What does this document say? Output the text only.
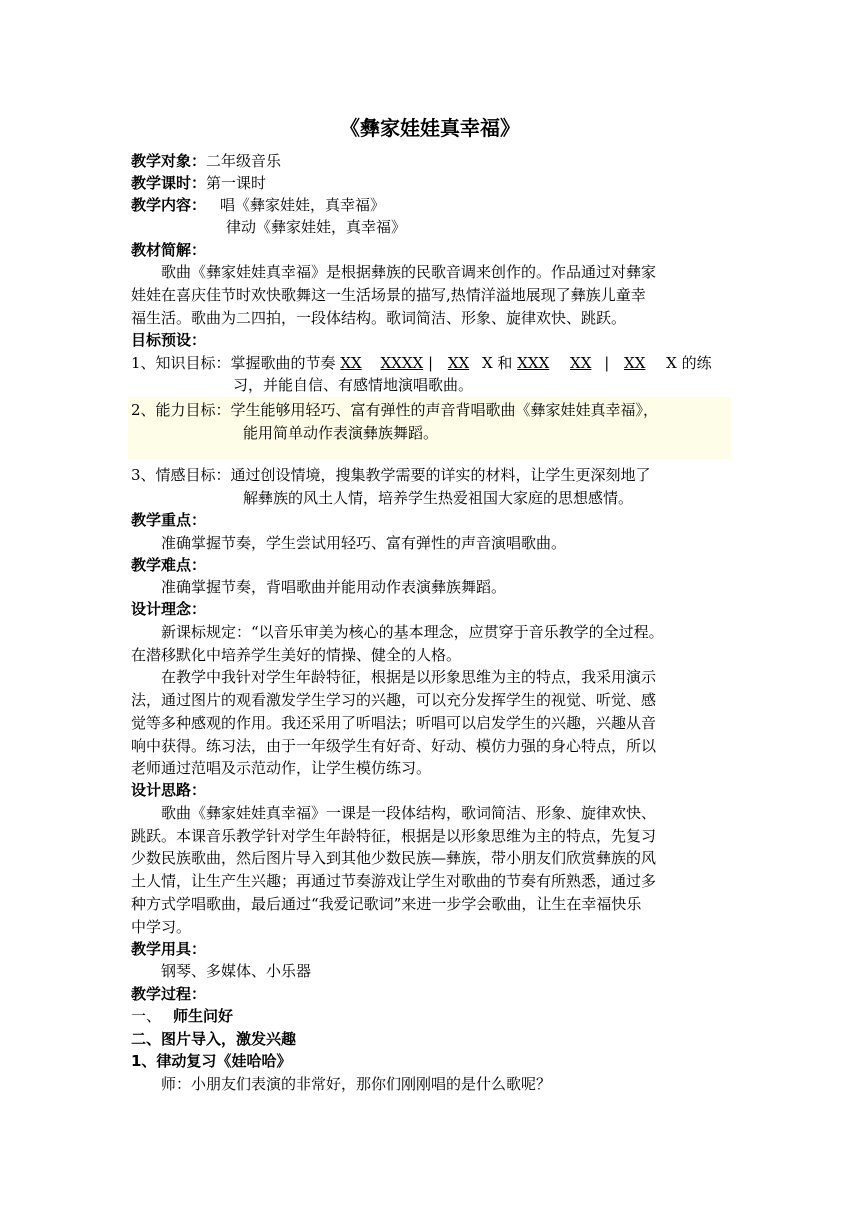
《彝家娃娃真幸福》
教学对象：二年级音乐
教学课时：第一课时
教学内容： 唱《彝家娃娃，真幸福》
律动《彝家娃娃，真幸福》
教材简解：
歌曲《彝家娃娃真幸福》是根据彝族的民歌音调来创作的。作品通过对彝家
娃娃在喜庆佳节时欢快歌舞这一生活场景的描写,热情洋溢地展现了彝族儿童幸
福生活。歌曲为二四拍，一段体结构。歌词简洁、形象、旋律欢快、跳跃。
目标预设：
1、知识目标：掌握歌曲的节奏 XX XXXX | XX X 和 XXX XX | XX X 的练
习，并能自信、有感情地演唱歌曲。
2、能力目标：学生能够用轻巧、富有弹性的声音背唱歌曲《彝家娃娃真幸福》，
能用简单动作表演彝族舞蹈。
3、情感目标：通过创设情境，搜集教学需要的详实的材料，让学生更深刻地了
解彝族的风土人情，培养学生热爱祖国大家庭的思想感情。
教学重点：
准确掌握节奏，学生尝试用轻巧、富有弹性的声音演唱歌曲。
教学难点：
准确掌握节奏，背唱歌曲并能用动作表演彝族舞蹈。
设计理念：
新课标规定：“以音乐审美为核心的基本理念，应贯穿于音乐教学的全过程。
在潜移默化中培养学生美好的情操、健全的人格。
在教学中我针对学生年龄特征，根据是以形象思维为主的特点，我采用演示
法，通过图片的观看激发学生学习的兴趣，可以充分发挥学生的视觉、听觉、感
觉等多种感观的作用。我还采用了听唱法；听唱可以启发学生的兴趣，兴趣从音
响中获得。练习法，由于一年级学生有好奇、好动、模仿力强的身心特点，所以
老师通过范唱及示范动作，让学生模仿练习。
设计思路：
歌曲《彝家娃娃真幸福》一课是一段体结构，歌词简洁、形象、旋律欢快、
跳跃。本课音乐教学针对学生年龄特征，根据是以形象思维为主的特点，先复习
少数民族歌曲，然后图片导入到其他少数民族—彝族，带小朋友们欣赏彝族的风
土人情，让生产生兴趣；再通过节奏游戏让学生对歌曲的节奏有所熟悉，通过多
种方式学唱歌曲，最后通过“我爱记歌词”来进一步学会歌曲，让生在幸福快乐
中学习。
教学用具：
钢琴、多媒体、小乐器
教学过程：
一、 师生问好
二、图片导入，激发兴趣
1、律动复习《娃哈哈》
师：小朋友们表演的非常好，那你们刚刚唱的是什么歌呢？
